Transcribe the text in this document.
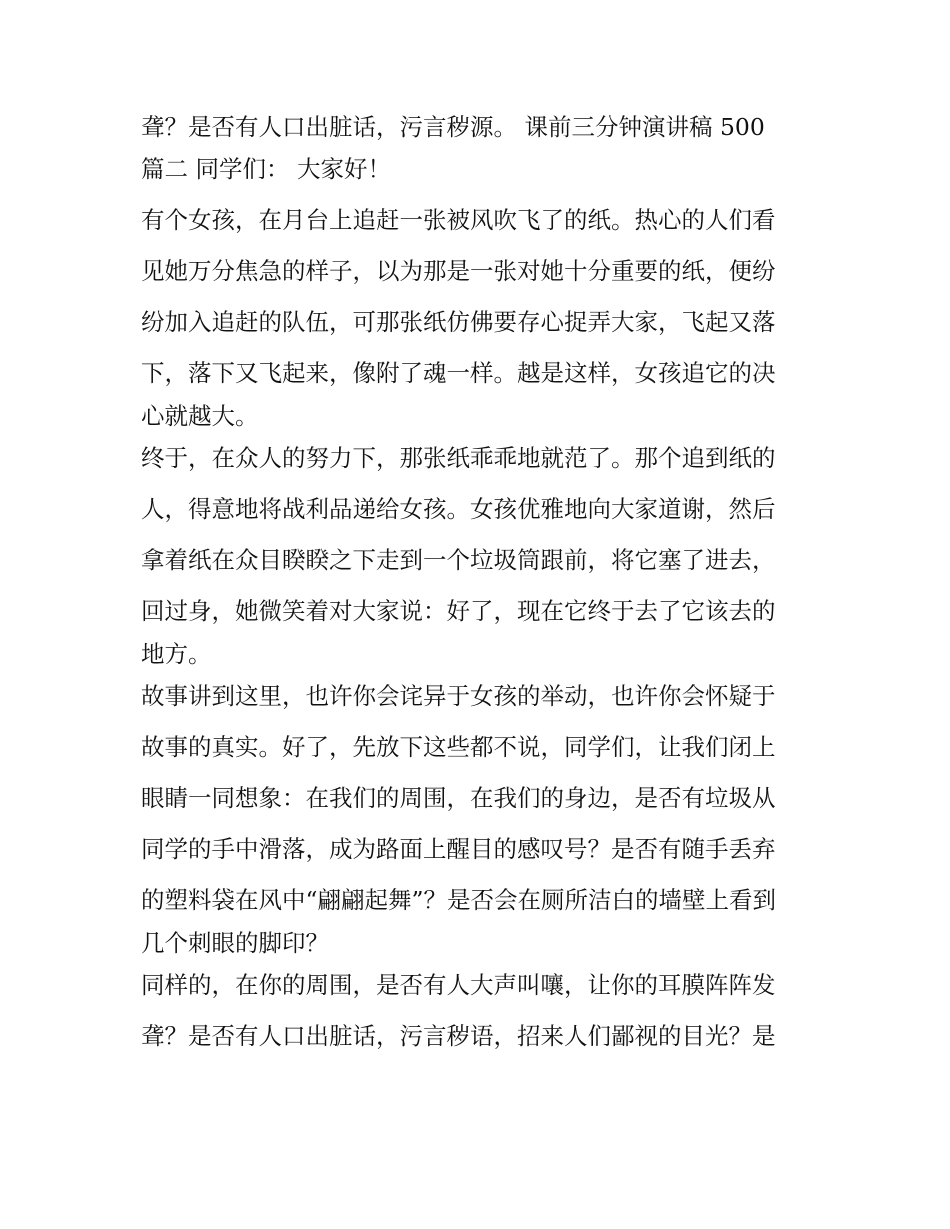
聋？是否有人口出脏话，污言秽源。 课前三分钟演讲稿 500
篇二 同学们： 大家好！
有个女孩，在月台上追赶一张被风吹飞了的纸。热心的人们看
见她万分焦急的样子，以为那是一张对她十分重要的纸，便纷
纷加入追赶的队伍，可那张纸仿佛要存心捉弄大家，飞起又落
下，落下又飞起来，像附了魂一样。越是这样，女孩追它的决
心就越大。
终于，在众人的努力下，那张纸乖乖地就范了。那个追到纸的
人，得意地将战利品递给女孩。女孩优雅地向大家道谢，然后
拿着纸在众目睽睽之下走到一个垃圾筒跟前，将它塞了进去，
回过身，她微笑着对大家说：好了，现在它终于去了它该去的
地方。
故事讲到这里，也许你会诧异于女孩的举动，也许你会怀疑于
故事的真实。好了，先放下这些都不说，同学们，让我们闭上
眼睛一同想象：在我们的周围，在我们的身边，是否有垃圾从
同学的手中滑落，成为路面上醒目的感叹号？是否有随手丢弃
的塑料袋在风中“翩翩起舞”？是否会在厕所洁白的墙壁上看到
几个刺眼的脚印？
同样的，在你的周围，是否有人大声叫嚷，让你的耳膜阵阵发
聋？是否有人口出脏话，污言秽语，招来人们鄙视的目光？是
